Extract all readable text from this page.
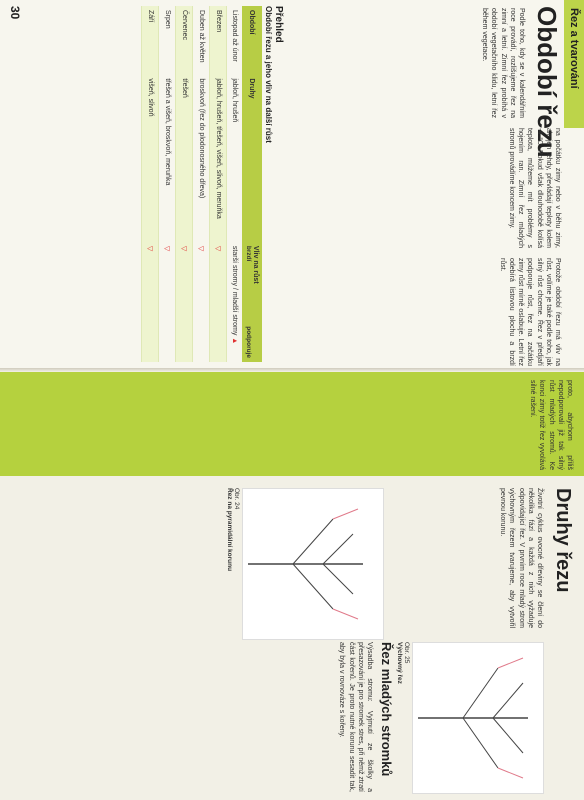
Řez a tvarování
Období řezu
Podle toho, kdy se v kalendářním roce provádí, rozlišujeme řez na zimní a letní. Zimní řez probíhá v období vegetačního klidu, letní řez během vegetace.
na počátku zimy nebo v běhu zimy, ale jen tehdy, převládají teploty kolem -4 °C. Pokud však dlouhodobě kolísá teplota, můžeme mít problémy s hojením ran. Zimní řez mladých stromů provádíme koncem zimy.
Protože období řezu má vliv na růst, volíme je také podle toho, jak silný růst chceme. Řez v předjaří podporuje růst, řez na začátku zimy růst mírně oslabuje. Letní řez odebírá listovou plochu a brzdí růst.
Přehled
Období řezu a jeho vliv na další růst
Období	Druhy	Vliv na růst
brzdí
podporuje

Listopad až únor	jabloň, hrušeň	starší stromy / mladší stromy ▲
Březen	jabloň, hrušeň, třešeň, višeň, slivoň, meruňka	▽
Duben až květen	broskvoň (řez do plodonosného dřeva)	▽
Červenec	třešeň	▽
Srpen	třešeň a višeň, broskvoň, meruňka	▽
Září	višeň, slivoň	▽
30
proto, abychom příliš nepodporovali již tak silný růst mladých stromů. Ke konci zimy totiž řez vyvolává silné rašení.
Druhy řezu
Životní cyklus ovocné dřeviny se člení do několika fází a každá z nich vyžaduje odpovídající řez. V prvním roce mladý strom výchovným řezem tvarujeme, aby vytvořil pevnou korunu.
Obr. 24
Řez na pyramidální korunu
Obr. 25
Výchovný řez
Řez mladých stromků
Výsadba stromu: Vyjmutí ze školky a přesazování je pro stromek stres, při němž ztratí část kořenů. Je proto nutné korunu sesadit tak, aby byla v rovnováze s kořeny.
